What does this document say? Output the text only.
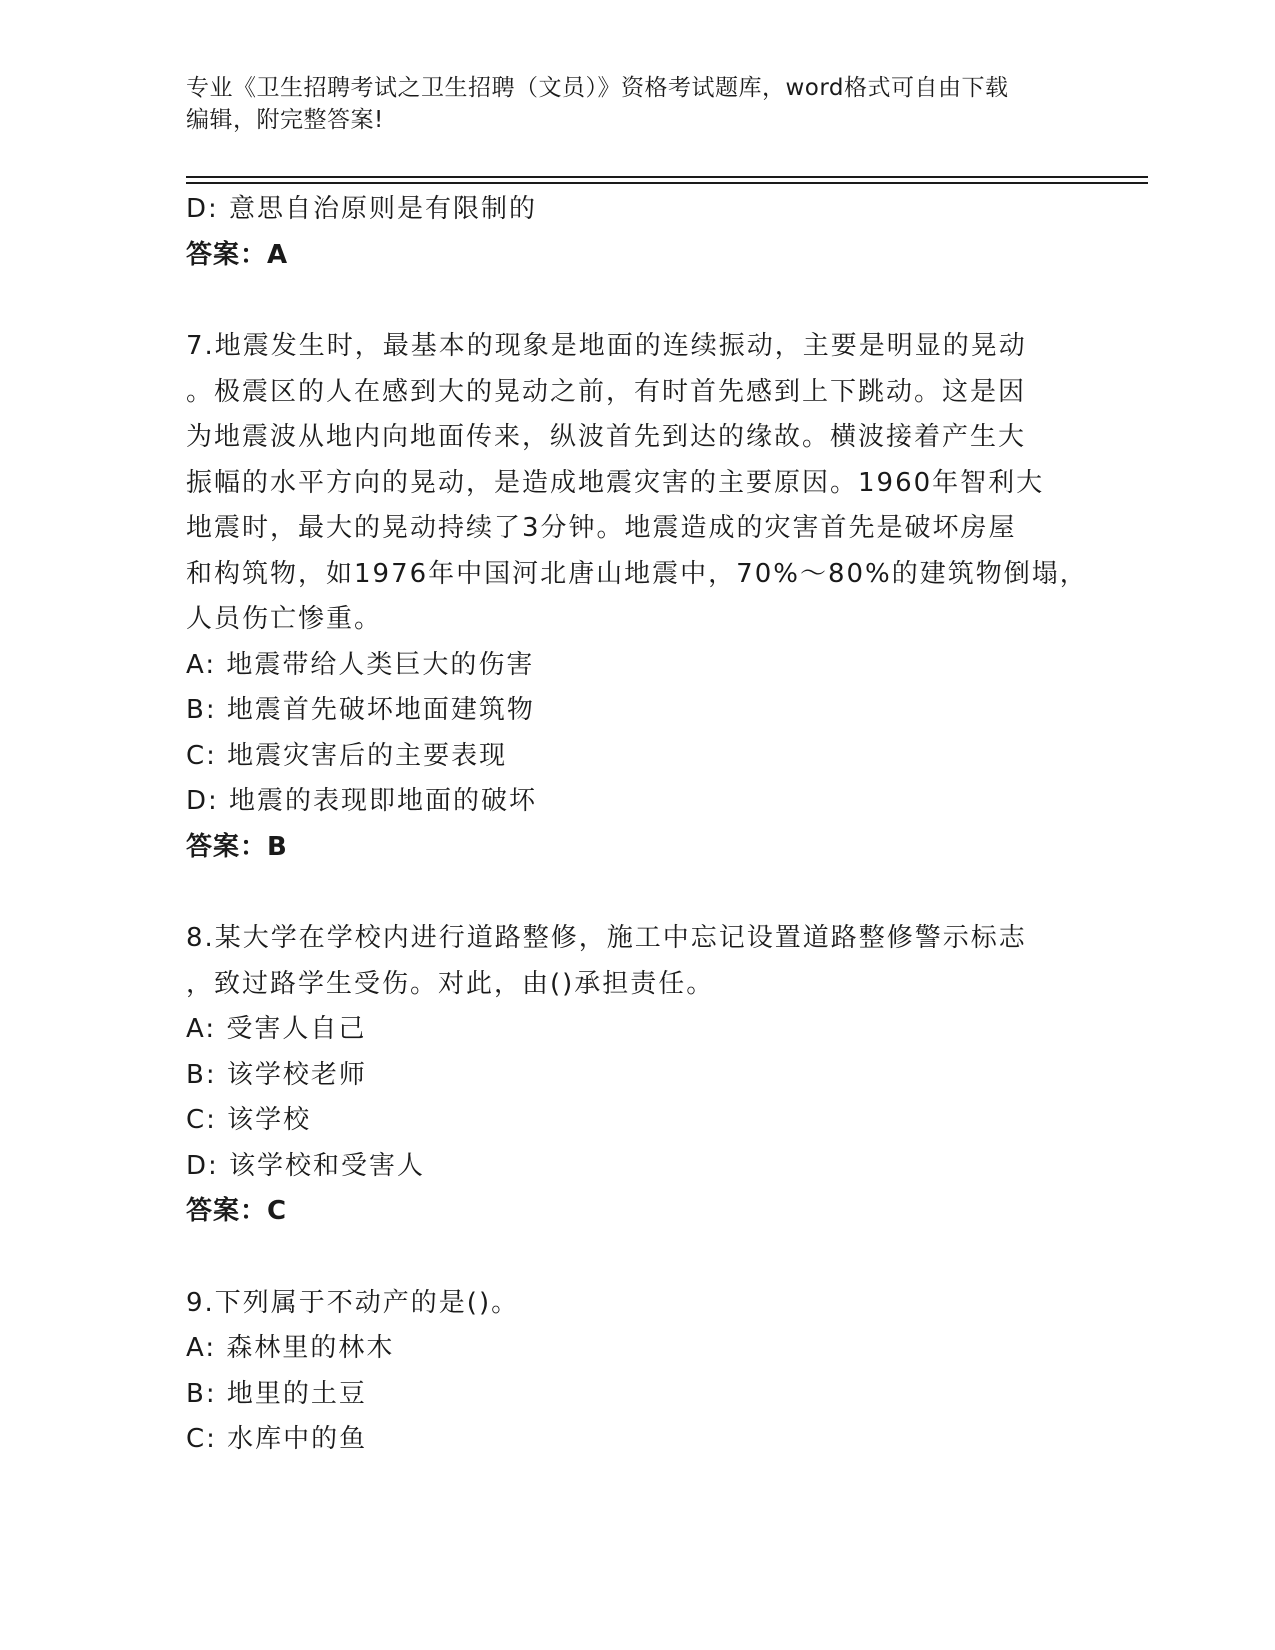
专业《卫生招聘考试之卫生招聘（文员）》资格考试题库，word格式可自由下载
编辑，附完整答案!
D: 意思自治原则是有限制的
答案：A
7.地震发生时，最基本的现象是地面的连续振动，主要是明显的晃动
。极震区的人在感到大的晃动之前，有时首先感到上下跳动。这是因
为地震波从地内向地面传来，纵波首先到达的缘故。横波接着产生大
振幅的水平方向的晃动，是造成地震灾害的主要原因。1960年智利大
地震时，最大的晃动持续了3分钟。地震造成的灾害首先是破坏房屋
和构筑物，如1976年中国河北唐山地震中，70%～80%的建筑物倒塌，
人员伤亡惨重。
A: 地震带给人类巨大的伤害
B: 地震首先破坏地面建筑物
C: 地震灾害后的主要表现
D: 地震的表现即地面的破坏
答案：B
8.某大学在学校内进行道路整修，施工中忘记设置道路整修警示标志
，致过路学生受伤。对此，由()承担责任。
A: 受害人自己
B: 该学校老师
C: 该学校
D: 该学校和受害人
答案：C
9.下列属于不动产的是()。
A: 森林里的林木
B: 地里的土豆
C: 水库中的鱼
